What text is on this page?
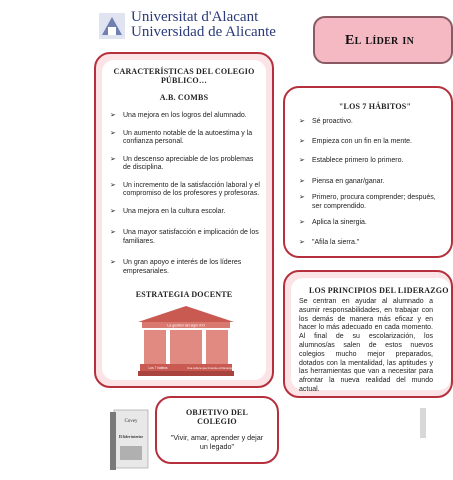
Universitat d'Alacant
Universidad de Alicante
El líder in
CARACTERÍSTICAS DEL COLEGIO
PÚBLICO…
A.B. COMBS
➢ Una mejora en los logros del alumnado.
➢ Un aumento notable de la autoestima y la confianza personal.
➢ Un descenso apreciable de los problemas de disciplina.
➢ Un incremento de la satisfacción laboral y el compromiso de los profesores y profesoras.
➢ Una mejora en la cultura escolar.
➢ Una mayor satisfacción e implicación de los familiares.
➢ Un gran apoyo e interés de los líderes empresariales.
ESTRATEGIA DOCENTE
La gestión del siglo XXI
Los 7 hábitos	Una cultura que fomente el liderazgo
"LOS 7 HÁBITOS"
➢ Sé proactivo.
➢ Empieza con un fin en la mente.
➢ Establece primero lo primero.
➢ Piensa en ganar/ganar.
➢ Primero, procura comprender; después, ser comprendido.
➢ Aplica la sinergia.
➢ "Afila la sierra."
LOS PRINCIPIOS DEL LIDERAZGO
Se centran en ayudar al alumnado a asumir responsabilidades, en trabajar con los demás de manera más eficaz y en hacer lo más adecuado en cada momento. Al final de su escolarización, los alumnos/as salen de estos nuevos colegios mucho mejor preparados, dotados con la mentalidad, las aptitudes y las herramientas que van a necesitar para afrontar la nueva realidad del mundo actual.
Covey
El líder interior
OBJETIVO DEL
COLEGIO
"Vivir, amar, aprender y dejar un legado"
